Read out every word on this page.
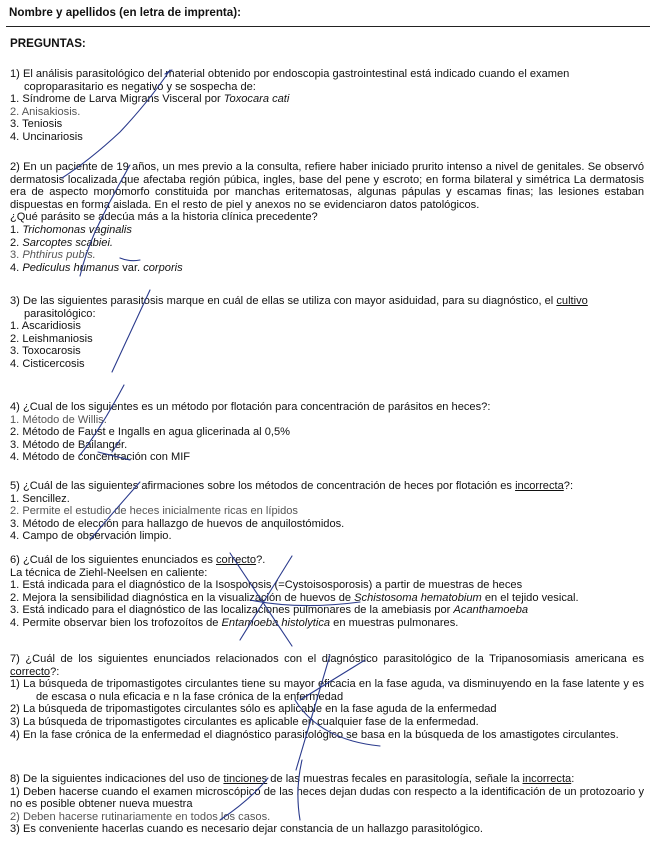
Nombre y apellidos (en letra de imprenta):
PREGUNTAS:

1) El análisis parasitológico del material obtenido por endoscopia gastrointestinal está indicado cuando el examen

coproparasitario es negativo y se sospecha de:

1. Síndrome de Larva Migrans Visceral por Toxocara cati

2. Anisakiosis.

3. Teniosis

4. Uncinariosis

2) En un paciente de 19 años, un mes previo a la consulta, refiere haber iniciado prurito intenso a nivel de genitales. Se observó dermatosis localizada que afectaba región púbica, ingles, base del pene y escroto; en forma bilateral y simétrica La dermatosis era de aspecto monomorfo constituida por manchas eritematosas, algunas pápulas y escamas finas; las lesiones estaban dispuestas en forma aislada. En el resto de piel y anexos no se evidenciaron datos patológicos.

¿Qué parásito se adecúa más a la historia clínica precedente?

1. Trichomonas vaginalis

2. Sarcoptes scabiei.

3. Phthirus pubis.

4. Pediculus humanus var. corporis

3) De las siguientes parasitosis marque en cuál de ellas se utiliza con mayor asiduidad, para su diagnóstico, el cultivo

parasitológico:

1. Ascaridiosis

2. Leishmaniosis

3. Toxocarosis

4. Cisticercosis

4) ¿Cual de los siguientes es un método por flotación para concentración de parásitos en heces?:

1. Método de Willis.

2. Método de Faust e Ingalls en agua glicerinada al 0,5%

3. Método de Bailanger.

4. Método de concentración con MIF

5) ¿Cuál de las siguientes afirmaciones sobre los métodos de concentración de heces por flotación es incorrecta?:

1. Sencillez.

2. Permite el estudio de heces inicialmente ricas en lípidos

3. Método de elección para hallazgo de huevos de anquilostómidos.

4. Campo de observación limpio.

6) ¿Cuál de los siguientes enunciados es correcto?.

La técnica de Ziehl-Neelsen en caliente:

1. Está indicada para el diagnóstico de la Isosporosis (=Cystoisosporosis) a partir de muestras de heces

2. Mejora la sensibilidad diagnóstica en la visualización de huevos de Schistosoma hematobium en el tejido vesical.

3. Está indicado para el diagnóstico de las localizaciones pulmonares de la amebiasis por Acanthamoeba

4. Permite observar bien los trofozoítos de Entamoeba histolytica en muestras pulmonares.

7) ¿Cuál de los siguientes enunciados relacionados con el diagnóstico parasitológico de la Tripanosomiasis americana es correcto?:

1) La búsqueda de tripomastigotes circulantes tiene su mayor eficacia en la fase aguda, va disminuyendo en la fase latente y es de escasa o nula eficacia e n la fase crónica de la enfermedad

2) La búsqueda de tripomastigotes circulantes sólo es aplicable en la fase aguda de la enfermedad

3) La búsqueda de tripomastigotes circulantes es aplicable en cualquier fase de la enfermedad.

4) En la fase crónica de la enfermedad el diagnóstico parasitológico se basa en la búsqueda de los amastigotes circulantes.

8) De la siguientes indicaciones del uso de tinciones de las muestras fecales en parasitología, señale la incorrecta:

1) Deben hacerse cuando el examen microscópico de las heces dejan dudas con respecto a la identificación de un protozoario y no es posible obtener nueva muestra

2) Deben hacerse rutinariamente en todos los casos.

3) Es conveniente hacerlas cuando es necesario dejar constancia de un hallazgo parasitológico.
